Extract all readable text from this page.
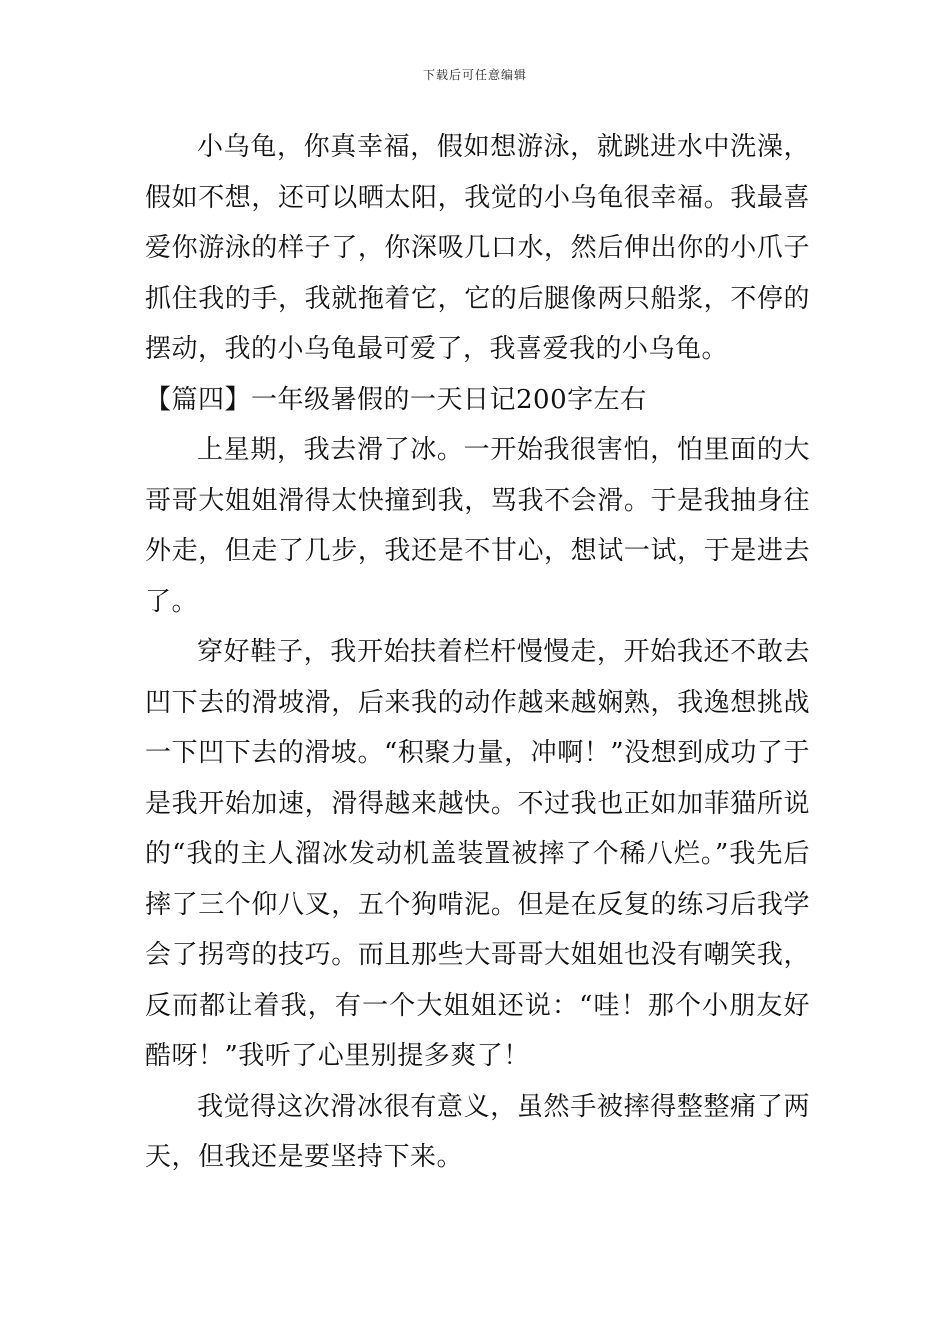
下载后可任意编辑

小乌龟，你真幸福，假如想游泳，就跳进水中洗澡，假如不想，还可以晒太阳，我觉的小乌龟很幸福。我最喜爱你游泳的样子了，你深吸几口水，然后伸出你的小爪子抓住我的手，我就拖着它，它的后腿像两只船浆，不停的摆动，我的小乌龟最可爱了，我喜爱我的小乌龟。

【篇四】一年级暑假的一天日记200字左右

上星期，我去滑了冰。一开始我很害怕，怕里面的大哥哥大姐姐滑得太快撞到我，骂我不会滑。于是我抽身往外走，但走了几步，我还是不甘心，想试一试，于是进去了。

穿好鞋子，我开始扶着栏杆慢慢走，开始我还不敢去凹下去的滑坡滑，后来我的动作越来越娴熟，我逸想挑战一下凹下去的滑坡。“积聚力量，冲啊！”没想到成功了于是我开始加速，滑得越来越快。不过我也正如加菲猫所说的“我的主人溜冰发动机盖装置被摔了个稀八烂。”我先后摔了三个仰八叉，五个狗啃泥。但是在反复的练习后我学会了拐弯的技巧。而且那些大哥哥大姐姐也没有嘲笑我，反而都让着我，有一个大姐姐还说：“哇！那个小朋友好酷呀！”我听了心里别提多爽了！

我觉得这次滑冰很有意义，虽然手被摔得整整痛了两天，但我还是要坚持下来。
